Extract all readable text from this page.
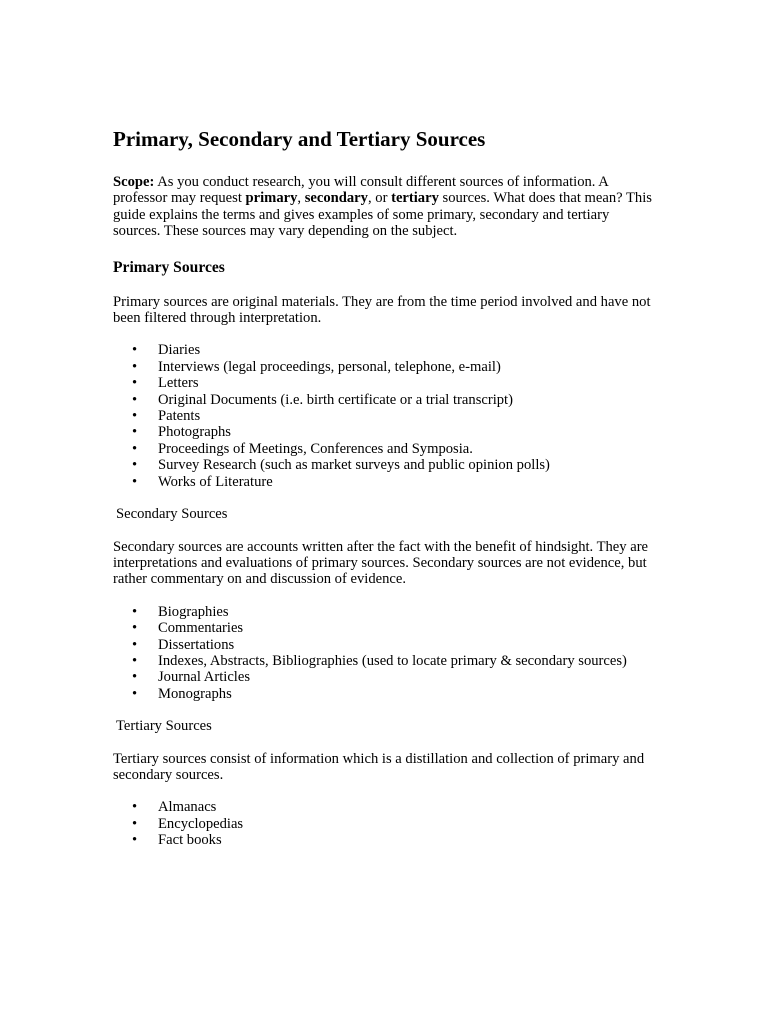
Primary, Secondary and Tertiary Sources

Scope: As you conduct research, you will consult different sources of information. A professor may request primary, secondary, or tertiary sources. What does that mean? This guide explains the terms and gives examples of some primary, secondary and tertiary sources. These sources may vary depending on the subject.

Primary Sources

Primary sources are original materials. They are from the time period involved and have not been filtered through interpretation.

• Diaries
• Interviews (legal proceedings, personal, telephone, e-mail)
• Letters
• Original Documents (i.e. birth certificate or a trial transcript)
• Patents
• Photographs
• Proceedings of Meetings, Conferences and Symposia.
• Survey Research (such as market surveys and public opinion polls)
• Works of Literature

Secondary Sources

Secondary sources are accounts written after the fact with the benefit of hindsight. They are interpretations and evaluations of primary sources. Secondary sources are not evidence, but rather commentary on and discussion of evidence.

• Biographies
• Commentaries
• Dissertations
• Indexes, Abstracts, Bibliographies (used to locate primary & secondary sources)
• Journal Articles
• Monographs

Tertiary Sources

Tertiary sources consist of information which is a distillation and collection of primary and secondary sources.

• Almanacs
• Encyclopedias
• Fact books
